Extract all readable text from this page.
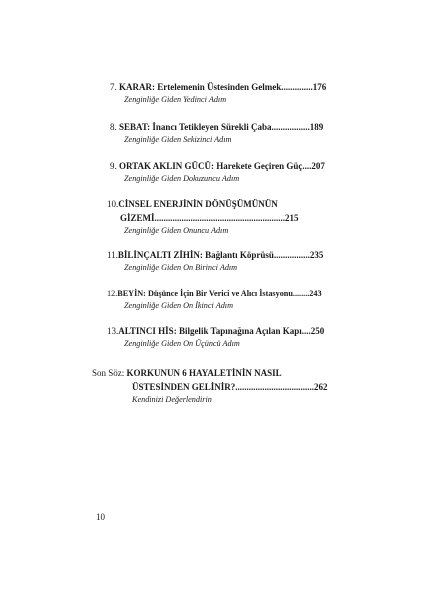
7. KARAR: Ertelemenin Üstesinden Gelmek..............176
Zenginliğe Giden Yedinci Adım
8. SEBAT: İnancı Tetikleyen Sürekli Çaba.................189
Zenginliğe Giden Sekizinci Adım
9. ORTAK AKLIN GÜCÜ: Harekete Geçiren Güç....207
Zenginliğe Giden Dokuzuncu Adım
10.CİNSEL ENERJİNİN DÖNÜŞÜMÜNÜN
GİZEMİ..........................................................215
Zenginliğe Giden Onuncu Adım
11.BİLİNÇALTI ZİHİN: Bağlantı Köprüsü................235
Zenginliğe Giden On Birinci Adım
12.BEYİN: Düşünce İçin Bir Verici ve Alıcı İstasyonu........243
Zenginliğe Giden On İkinci Adım
13.ALTINCI HİS: Bilgelik Tapınağına Açılan Kapı....250
Zenginliğe Giden On Üçüncü Adım
Son Söz: KORKUNUN 6 HAYALETİNİN NASIL
ÜSTESİNDEN GELİNİR?...................................262
Kendinizi Değerlendirin
10
